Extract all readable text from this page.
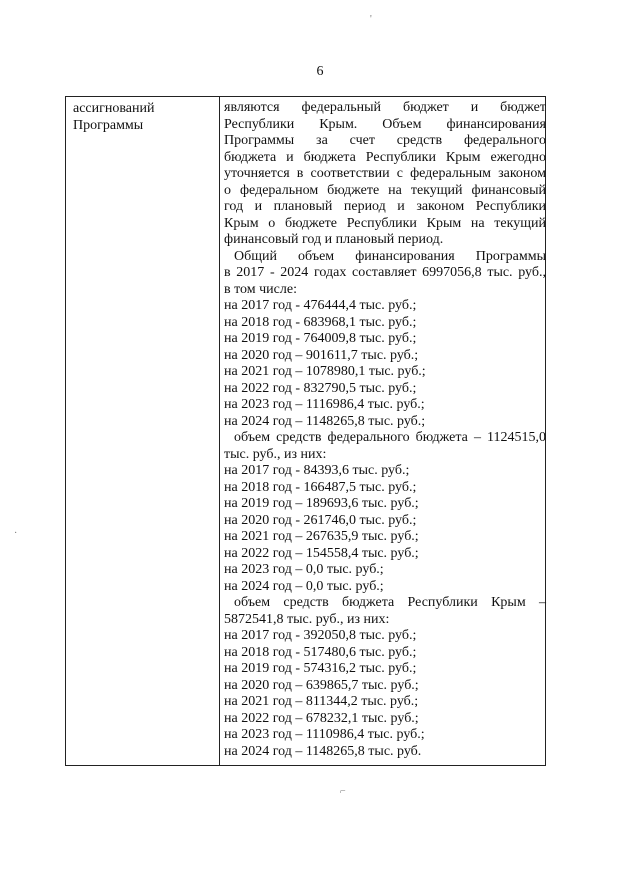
6
ассигнований
Программы
являются федеральный бюджет и бюджет
Республики Крым. Объем финансирования
Программы за счет средств федерального
бюджета и бюджета Республики Крым ежегодно
уточняется в соответствии с федеральным законом
о федеральном бюджете на текущий финансовый
год и плановый период и законом Республики
Крым о бюджете Республики Крым на текущий
финансовый год и плановый период.
Общий объем финансирования Программы
в 2017 - 2024 годах составляет 6997056,8 тыс. руб.,
в том числе:
на 2017 год - 476444,4 тыс. руб.;
на 2018 год - 683968,1 тыс. руб.;
на 2019 год - 764009,8 тыс. руб.;
на 2020 год – 901611,7 тыс. руб.;
на 2021 год – 1078980,1 тыс. руб.;
на 2022 год - 832790,5 тыс. руб.;
на 2023 год – 1116986,4 тыс. руб.;
на 2024 год – 1148265,8 тыс. руб.;
объем средств федерального бюджета – 1124515,0
тыс. руб., из них:
на 2017 год - 84393,6 тыс. руб.;
на 2018 год - 166487,5 тыс. руб.;
на 2019 год – 189693,6 тыс. руб.;
на 2020 год - 261746,0 тыс. руб.;
на 2021 год – 267635,9 тыс. руб.;
на 2022 год – 154558,4 тыс. руб.;
на 2023 год – 0,0 тыс. руб.;
на 2024 год – 0,0 тыс. руб.;
объем средств бюджета Республики Крым –
5872541,8 тыс. руб., из них:
на 2017 год - 392050,8 тыс. руб.;
на 2018 год - 517480,6 тыс. руб.;
на 2019 год - 574316,2 тыс. руб.;
на 2020 год – 639865,7 тыс. руб.;
на 2021 год – 811344,2 тыс. руб.;
на 2022 год – 678232,1 тыс. руб.;
на 2023 год – 1110986,4 тыс. руб.;
на 2024 год – 1148265,8 тыс. руб.
'
·
⌐
